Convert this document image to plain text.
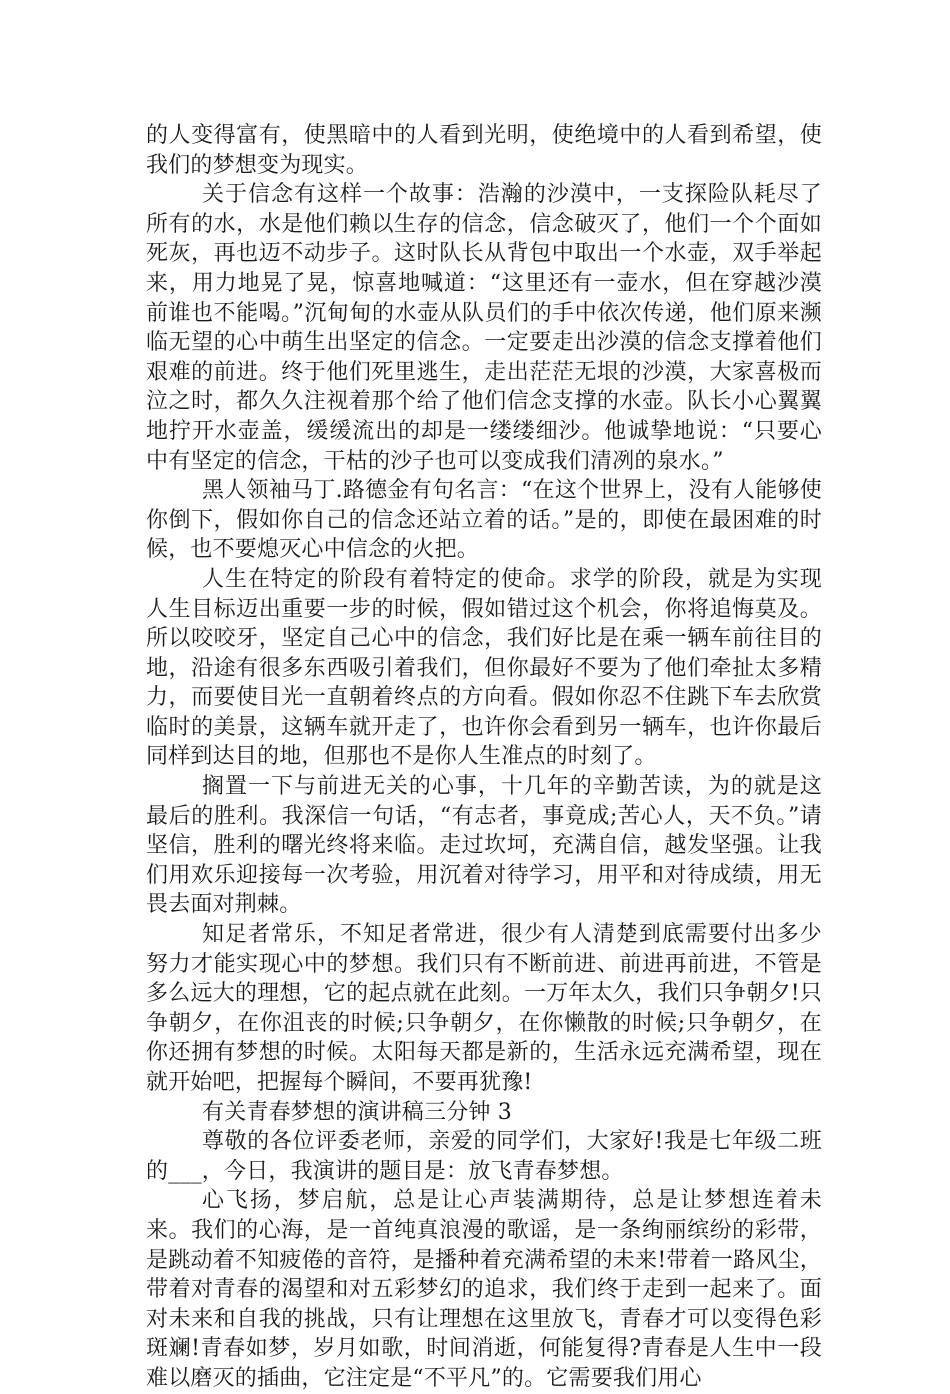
的人变得富有，使黑暗中的人看到光明，使绝境中的人看到希望，使我们的梦想变为现实。

关于信念有这样一个故事：浩瀚的沙漠中，一支探险队耗尽了所有的水，水是他们赖以生存的信念，信念破灭了，他们一个个面如死灰，再也迈不动步子。这时队长从背包中取出一个水壶，双手举起来，用力地晃了晃，惊喜地喊道：“这里还有一壶水，但在穿越沙漠前谁也不能喝。”沉甸甸的水壶从队员们的手中依次传递，他们原来濒临无望的心中萌生出坚定的信念。一定要走出沙漠的信念支撑着他们艰难的前进。终于他们死里逃生，走出茫茫无垠的沙漠，大家喜极而泣之时，都久久注视着那个给了他们信念支撑的水壶。队长小心翼翼地拧开水壶盖，缓缓流出的却是一缕缕细沙。他诚挚地说：“只要心中有坚定的信念，干枯的沙子也可以变成我们清冽的泉水。”

黑人领袖马丁.路德金有句名言：“在这个世界上，没有人能够使你倒下，假如你自己的信念还站立着的话。”是的，即使在最困难的时候，也不要熄灭心中信念的火把。

人生在特定的阶段有着特定的使命。求学的阶段，就是为实现人生目标迈出重要一步的时候，假如错过这个机会，你将追悔莫及。所以咬咬牙，坚定自己心中的信念，我们好比是在乘一辆车前往目的地，沿途有很多东西吸引着我们，但你最好不要为了他们牵扯太多精力，而要使目光一直朝着终点的方向看。假如你忍不住跳下车去欣赏临时的美景，这辆车就开走了，也许你会看到另一辆车，也许你最后同样到达目的地，但那也不是你人生准点的时刻了。

搁置一下与前进无关的心事，十几年的辛勤苦读，为的就是这最后的胜利。我深信一句话，“有志者，事竟成;苦心人，天不负。”请坚信，胜利的曙光终将来临。走过坎坷，充满自信，越发坚强。让我们用欢乐迎接每一次考验，用沉着对待学习，用平和对待成绩，用无畏去面对荆棘。

知足者常乐，不知足者常进，很少有人清楚到底需要付出多少努力才能实现心中的梦想。我们只有不断前进、前进再前进，不管是多么远大的理想，它的起点就在此刻。一万年太久，我们只争朝夕!只争朝夕，在你沮丧的时候;只争朝夕，在你懒散的时候;只争朝夕，在你还拥有梦想的时候。太阳每天都是新的，生活永远充满希望，现在就开始吧，把握每个瞬间，不要再犹豫!

有关青春梦想的演讲稿三分钟 3

尊敬的各位评委老师，亲爱的同学们，大家好!我是七年级二班的___，今日，我演讲的题目是：放飞青春梦想。

心飞扬，梦启航，总是让心声装满期待，总是让梦想连着未来。我们的心海，是一首纯真浪漫的歌谣，是一条绚丽缤纷的彩带，是跳动着不知疲倦的音符，是播种着充满希望的未来!带着一路风尘，带着对青春的渴望和对五彩梦幻的追求，我们终于走到一起来了。面对未来和自我的挑战，只有让理想在这里放飞，青春才可以变得色彩斑斓!青春如梦，岁月如歌，时间消逝，何能复得?青春是人生中一段难以磨灭的插曲，它注定是“不平凡”的。它需要我们用心
